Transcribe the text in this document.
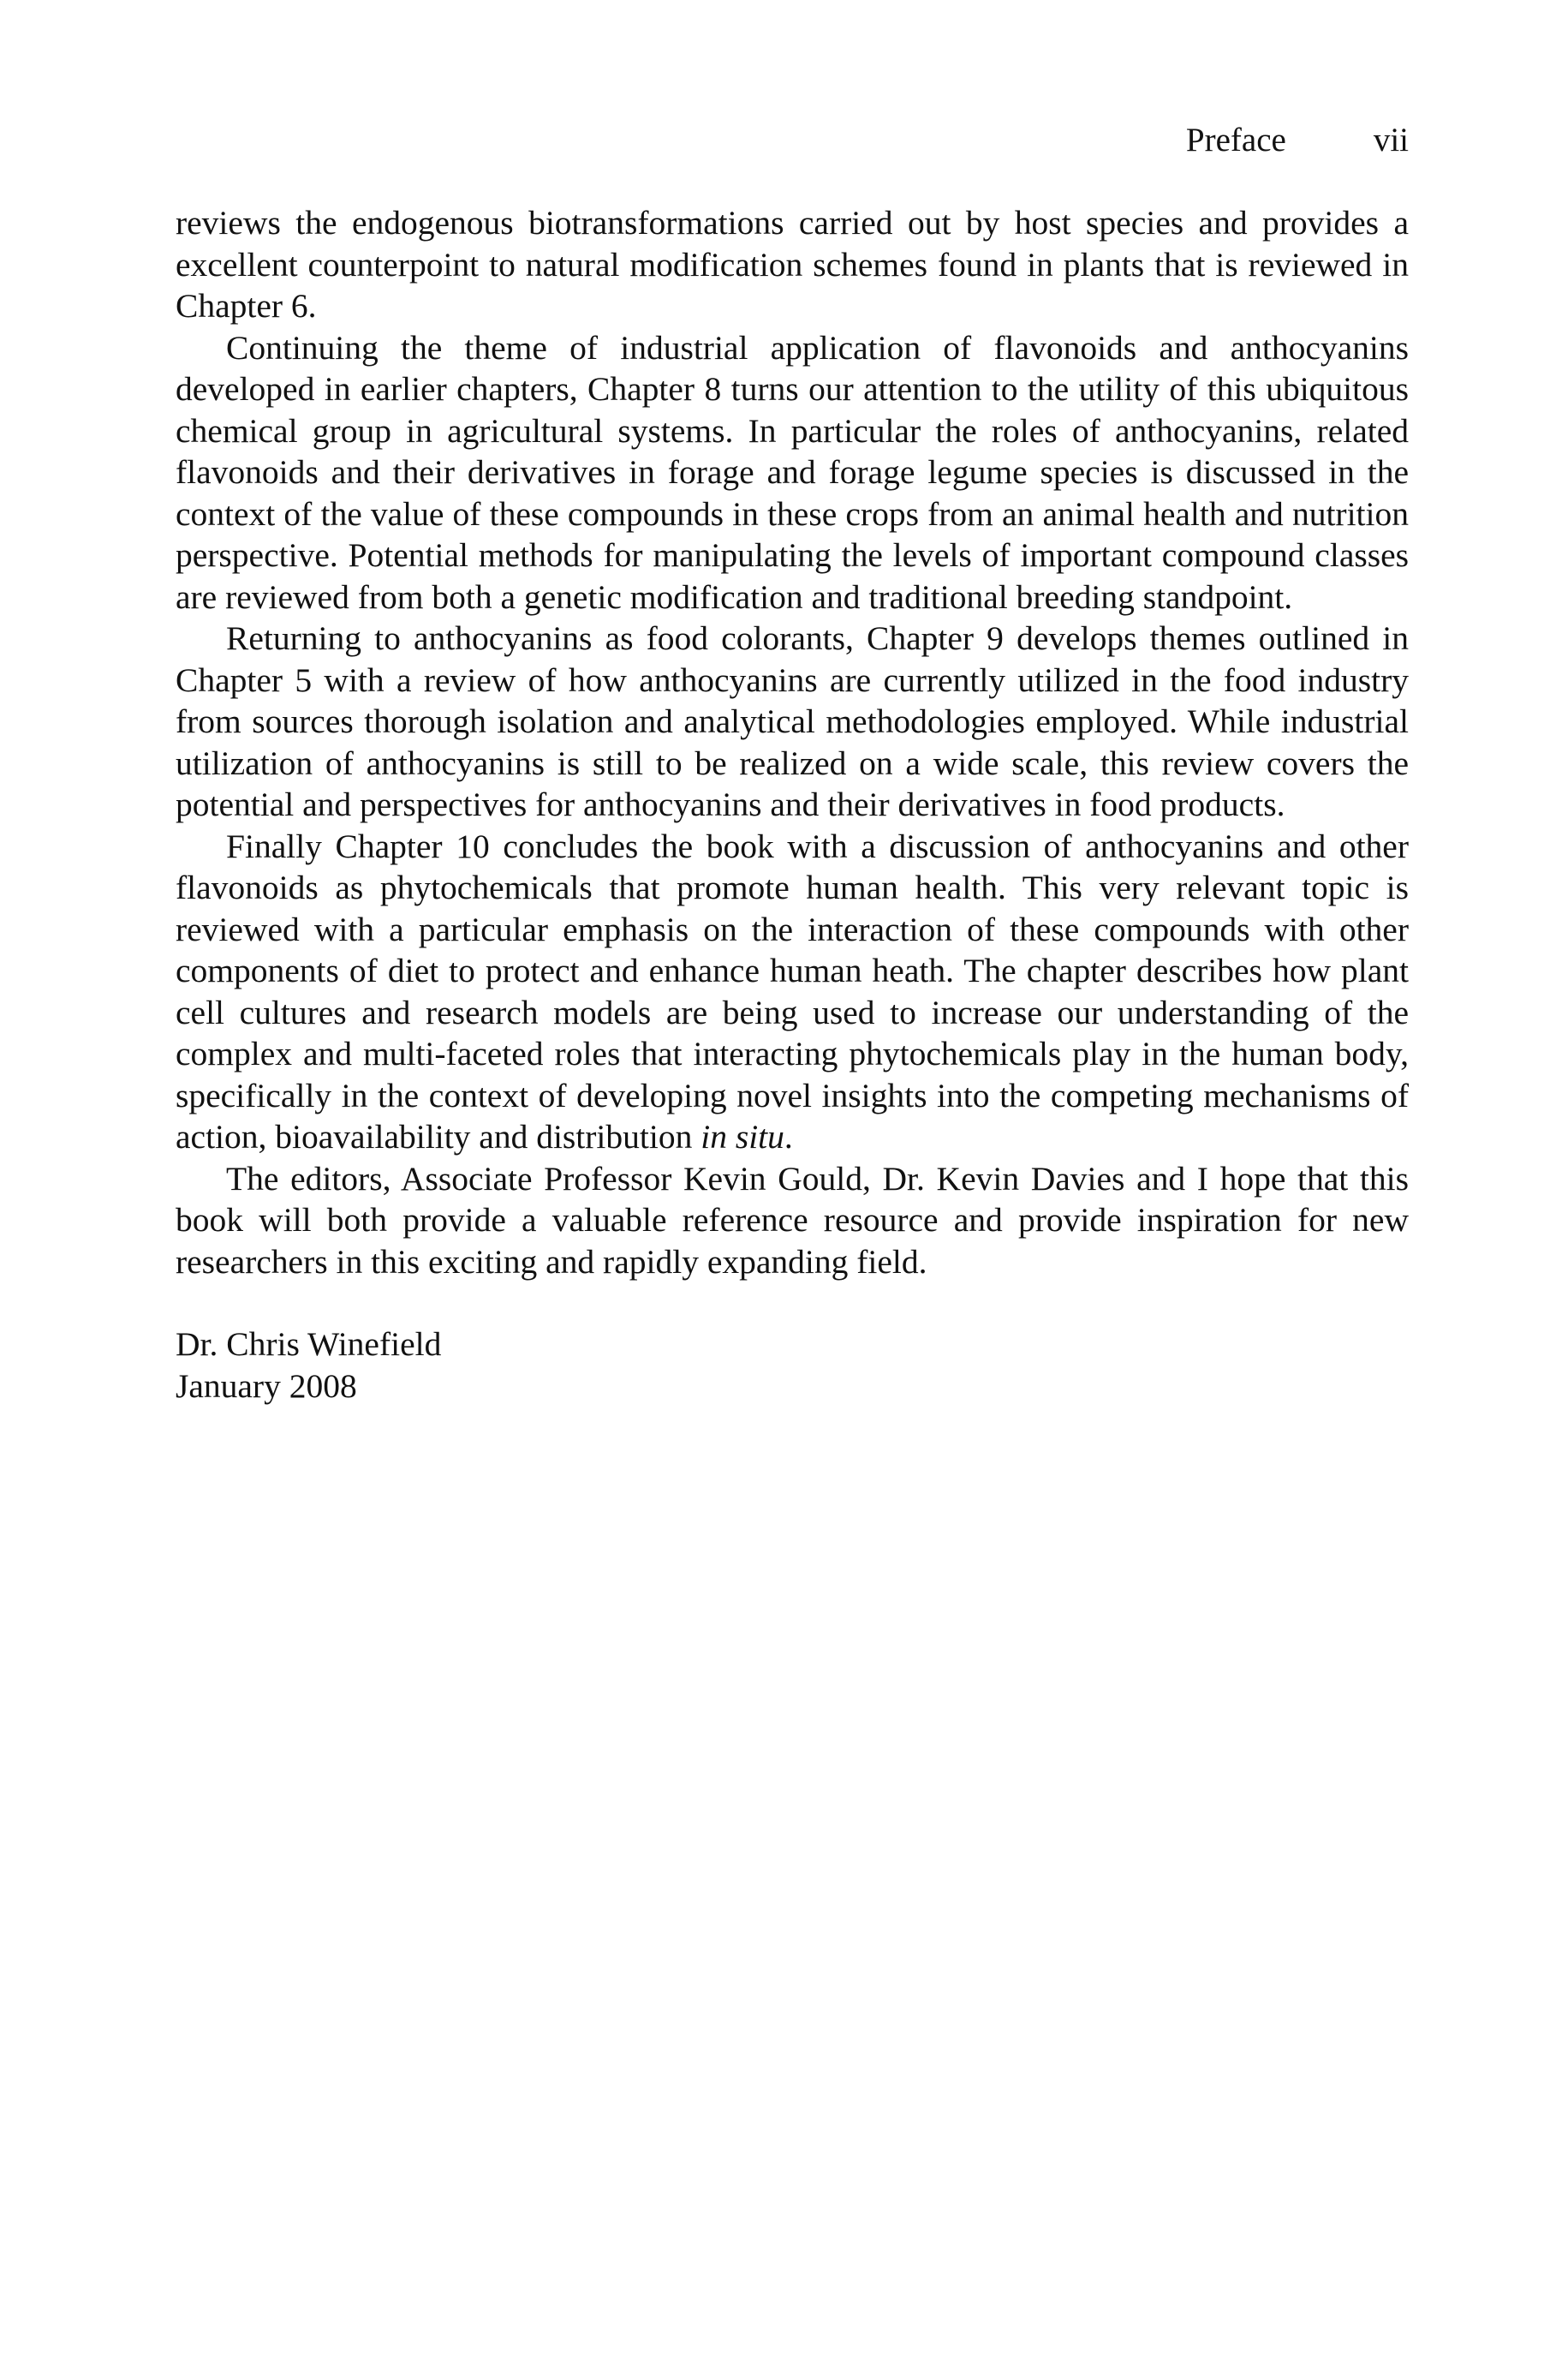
Preface	vii

reviews the endogenous biotransformations carried out by host species and provides a excellent counterpoint to natural modification schemes found in plants that is reviewed in Chapter 6.

Continuing the theme of industrial application of flavonoids and anthocyanins developed in earlier chapters, Chapter 8 turns our attention to the utility of this ubiquitous chemical group in agricultural systems. In particular the roles of anthocyanins, related flavonoids and their derivatives in forage and forage legume species is discussed in the context of the value of these compounds in these crops from an animal health and nutrition perspective. Potential methods for manipulating the levels of important compound classes are reviewed from both a genetic modification and traditional breeding standpoint.

Returning to anthocyanins as food colorants, Chapter 9 develops themes outlined in Chapter 5 with a review of how anthocyanins are currently utilized in the food industry from sources thorough isolation and analytical methodologies employed. While industrial utilization of anthocyanins is still to be realized on a wide scale, this review covers the potential and perspectives for anthocyanins and their derivatives in food products.

Finally Chapter 10 concludes the book with a discussion of anthocyanins and other flavonoids as phytochemicals that promote human health. This very relevant topic is reviewed with a particular emphasis on the interaction of these compounds with other components of diet to protect and enhance human heath. The chapter describes how plant cell cultures and research models are being used to increase our understanding of the complex and multi-faceted roles that interacting phytochemicals play in the human body, specifically in the context of developing novel insights into the competing mechanisms of action, bioavailability and distribution in situ.

The editors, Associate Professor Kevin Gould, Dr. Kevin Davies and I hope that this book will both provide a valuable reference resource and provide inspiration for new researchers in this exciting and rapidly expanding field.

Dr. Chris Winefield
January 2008
